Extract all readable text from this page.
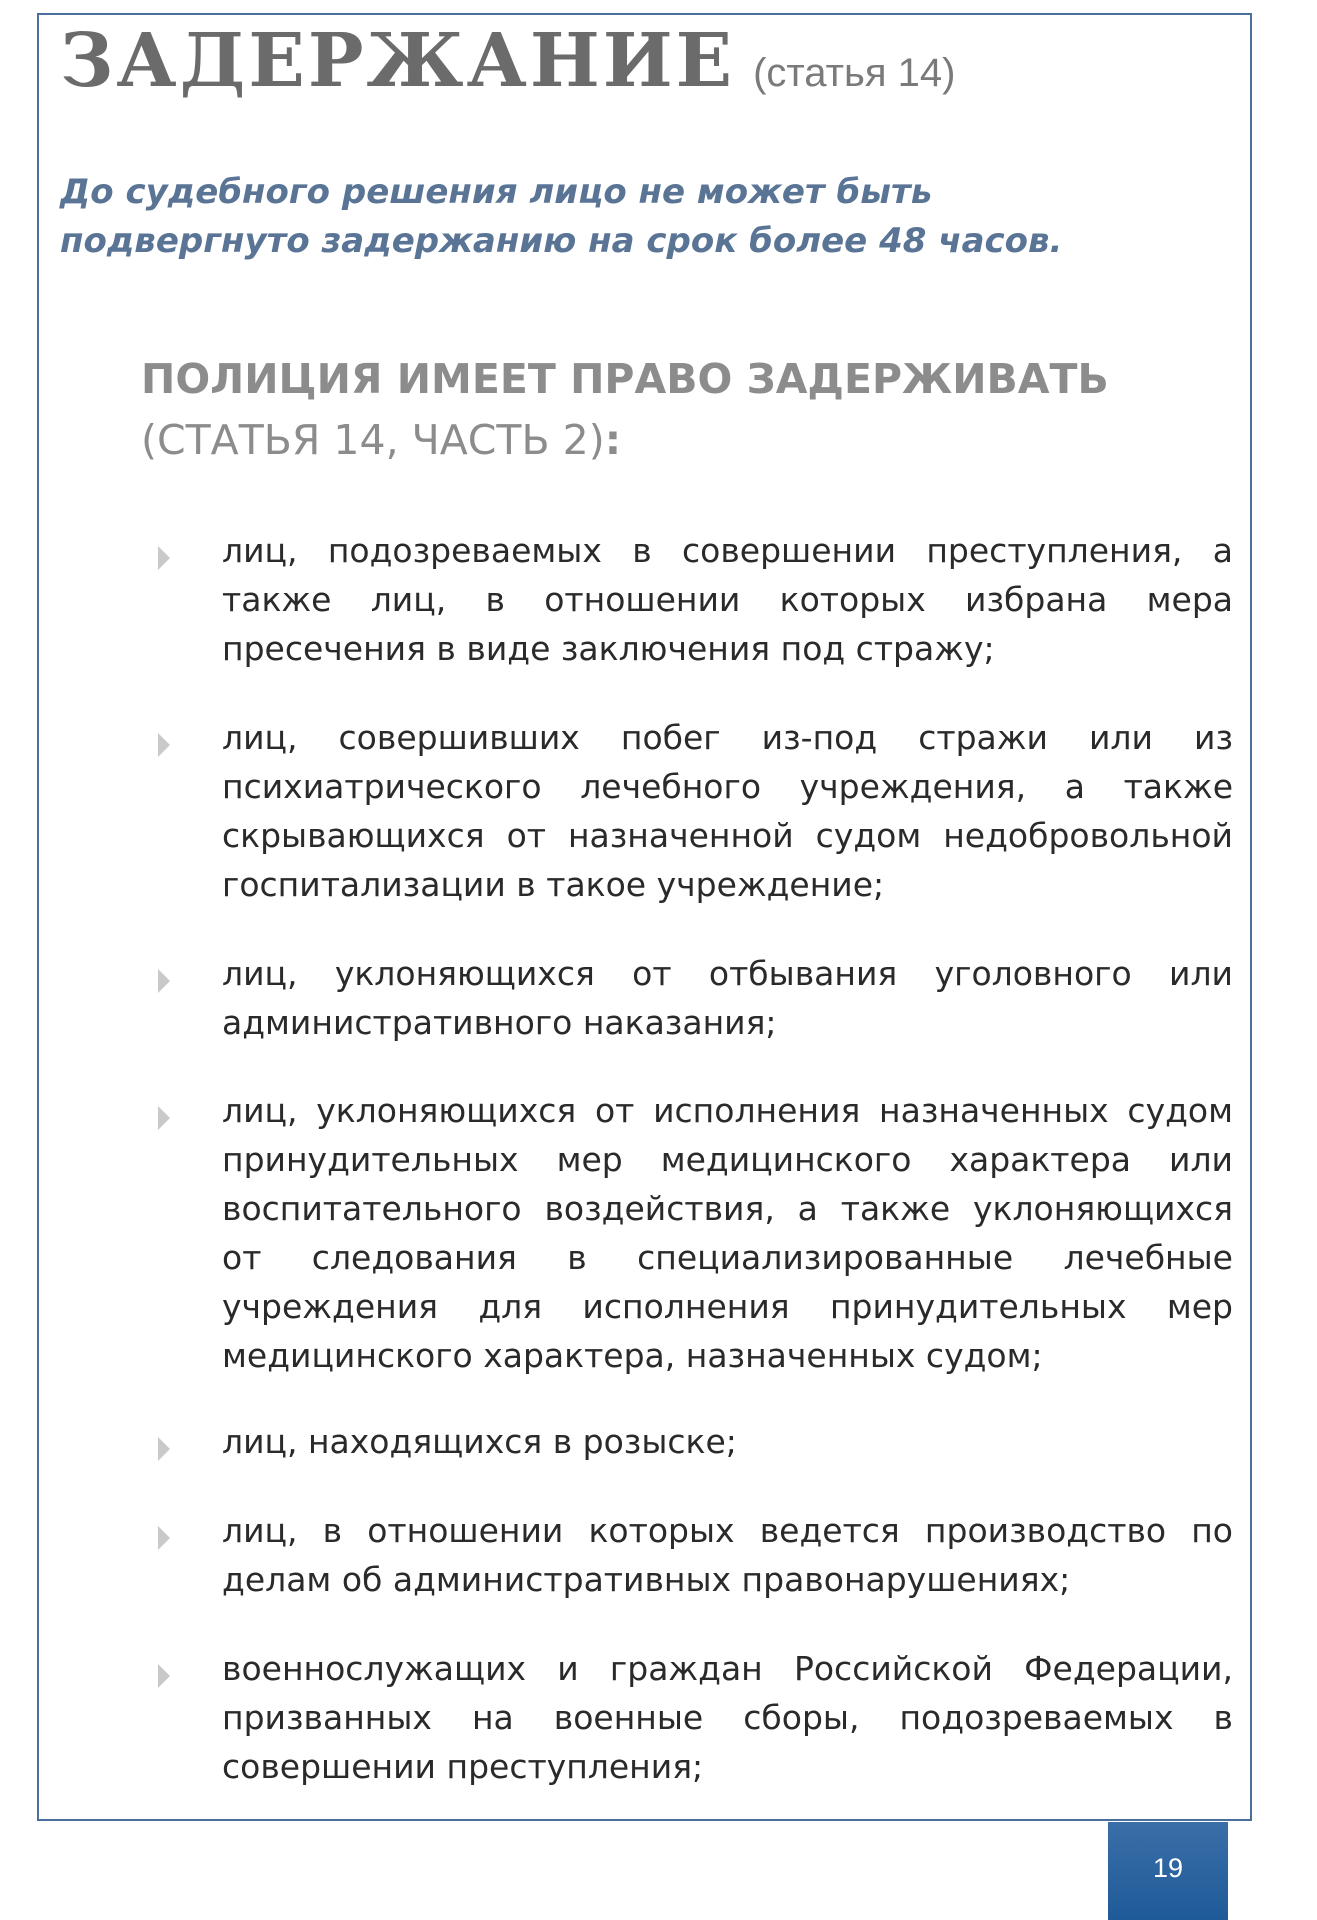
ЗАДЕРЖАНИЕ (статья 14)
До судебного решения лицо не может быть подвергнуто задержанию на срок более 48 часов.
ПОЛИЦИЯ ИМЕЕТ ПРАВО ЗАДЕРЖИВАТЬ (СТАТЬЯ 14, ЧАСТЬ 2):
лиц, подозреваемых в совершении преступления, а также лиц, в отношении которых избрана мера пресечения в виде заключения под стражу;
лиц, совершивших побег из-под стражи или из психиатрического лечебного учреждения, а также скрывающихся от назначенной судом недобровольной госпитализации в такое учреждение;
лиц, уклоняющихся от отбывания уголовного или административного наказания;
лиц, уклоняющихся от исполнения назначенных судом принудительных мер медицинского характера или воспитательного воздействия, а также уклоняющихся от следования в специализированные лечебные учреждения для исполнения принудительных мер медицинского характера, назначенных судом;
лиц, находящихся в розыске;
лиц, в отношении которых ведется производство по делам об административных правонарушениях;
военнослужащих и граждан Российской Федерации, призванных на военные сборы, подозреваемых в совершении преступления;
19
